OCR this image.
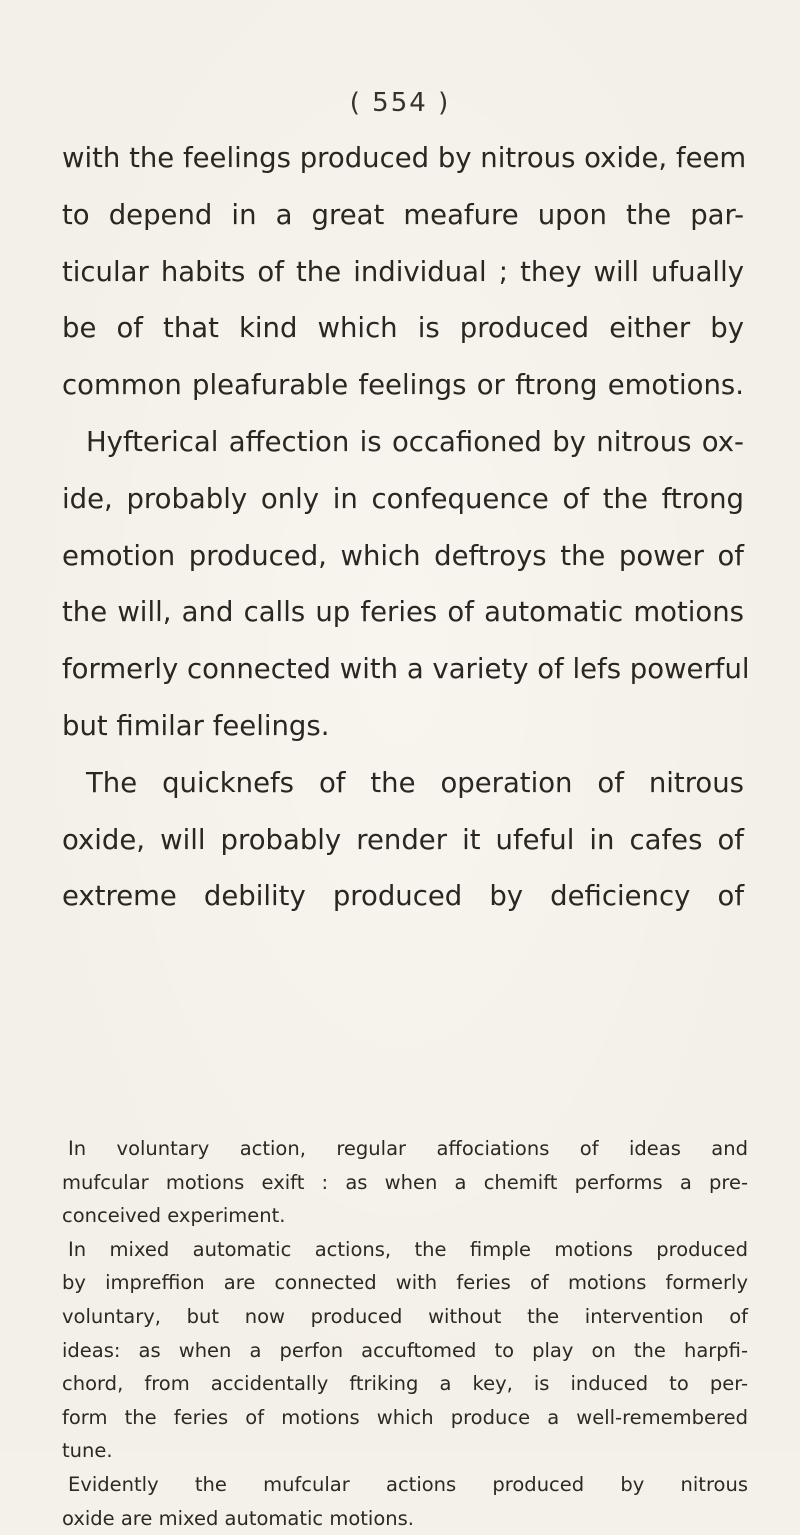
( 554 )
with the feelings produced by nitrous oxide, feem
to depend in a great meafure upon the par-
ticular habits of the individual ; they will ufually
be of that kind which is produced either by
common pleafurable feelings or ftrong emotions.
Hyfterical affection is occafioned by nitrous ox-
ide, probably only in confequence of the ftrong
emotion produced, which deftroys the power of
the will, and calls up feries of automatic motions
formerly connected with a variety of lefs powerful
but fimilar feelings.
The quicknefs of the operation of nitrous
oxide, will probably render it ufeful in cafes of
extreme debility produced by deficiency of
In voluntary action, regular affociations of ideas and
mufcular motions exift : as when a chemift performs a pre-
conceived experiment.
In mixed automatic actions, the fimple motions produced
by impreffion are connected with feries of motions formerly
voluntary, but now produced without the intervention of
ideas: as when a perfon accuftomed to play on the harpfi-
chord, from accidentally ftriking a key, is induced to per-
form the feries of motions which produce a well-remembered
tune.
Evidently the mufcular actions produced by nitrous
oxide are mixed automatic motions.
